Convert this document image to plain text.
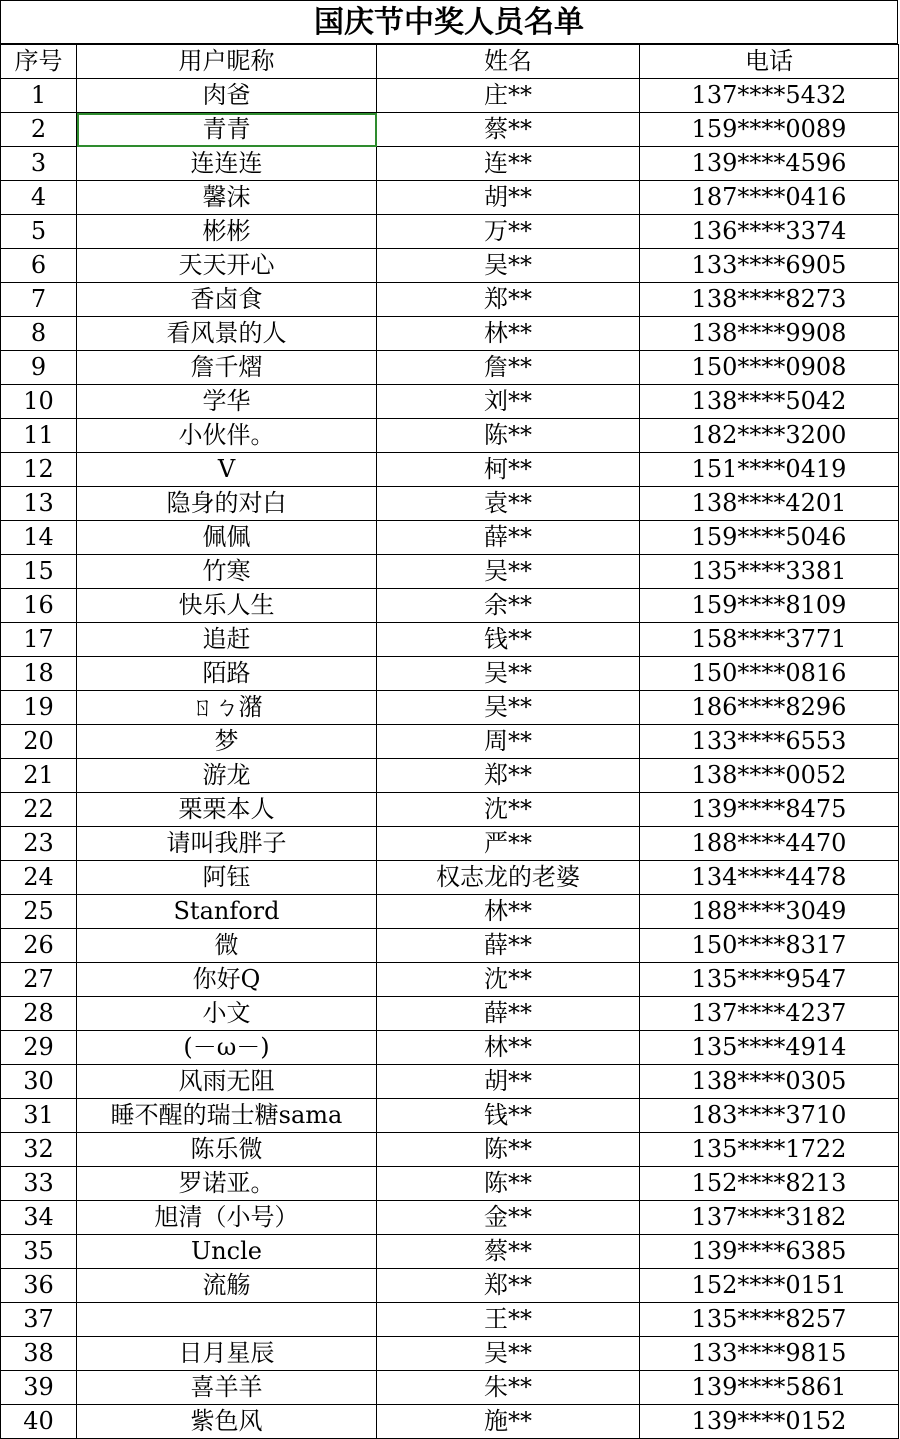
国庆节中奖人员名单
序号	用户昵称	姓名	电话
1	肉爸	庄**	137****5432
2	青青	蔡**	159****0089
3	连连连	连**	139****4596
4	馨沫	胡**	187****0416
5	彬彬	万**	136****3374
6	天天开心	吴**	133****6905
7	香卤食	郑**	138****8273
8	看风景的人	林**	138****9908
9	詹千熠	詹**	150****0908
10	学华	刘**	138****5042
11	小伙伴。	陈**	182****3200
12	V	柯**	151****0419
13	隐身的对白	袁**	138****4201
14	佩佩	薛**	159****5046
15	竹寒	吴**	135****3381
16	快乐人生	余**	159****8109
17	追赶	钱**	158****3771
18	陌路	吴**	150****0816
19	ㄖㄅ潴	吴**	186****8296
20	梦	周**	133****6553
21	游龙	郑**	138****0052
22	栗栗本人	沈**	139****8475
23	请叫我胖子	严**	188****4470
24	阿钰	权志龙的老婆	134****4478
25	Stanford	林**	188****3049
26	微	薛**	150****8317
27	你好Q	沈**	135****9547
28	小文	薛**	137****4237
29	(－ω－)	林**	135****4914
30	风雨无阻	胡**	138****0305
31	睡不醒的瑞士糖sama	钱**	183****3710
32	陈乐微	陈**	135****1722
33	罗诺亚。	陈**	152****8213
34	旭清（小号）	金**	137****3182
35	Uncle	蔡**	139****6385
36	流觞	郑**	152****0151
37		王**	135****8257
38	日月星辰	吴**	133****9815
39	喜羊羊	朱**	139****5861
40	紫色风	施**	139****0152
